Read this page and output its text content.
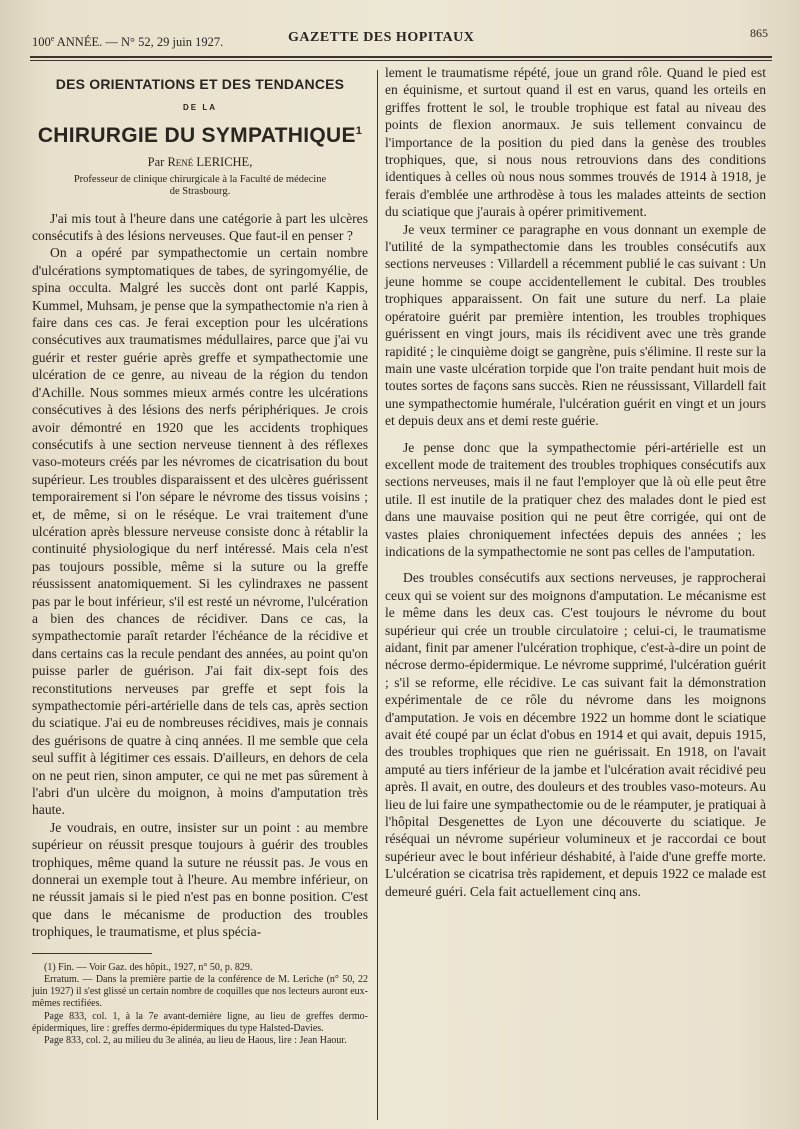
100e ANNÉE. — N° 52, 29 juin 1927.	GAZETTE DES HOPITAUX	865
DES ORIENTATIONS ET DES TENDANCES
DE LA
CHIRURGIE DU SYMPATHIQUE$^1$
Par René LERICHE,
Professeur de clinique chirurgicale à la Faculté de médecine
de Strasbourg.

J'ai mis tout à l'heure dans une catégorie à part les ulcères consécutifs à des lésions nerveuses. Que faut-il en penser ?

On a opéré par sympathectomie un certain nombre d'ulcérations symptomatiques de tabes, de syringomyélie, de spina occulta. Malgré les succès dont ont parlé Kappis, Kummel, Muhsam, je pense que la sympathectomie n'a rien à faire dans ces cas. Je ferai exception pour les ulcérations consécutives aux traumatismes médullaires, parce que j'ai vu guérir et rester guérie après greffe et sympathectomie une ulcération de ce genre, au niveau de la région du tendon d'Achille. Nous sommes mieux armés contre les ulcérations consécutives à des lésions des nerfs périphériques. Je crois avoir démontré en 1920 que les accidents trophiques consécutifs à une section nerveuse tiennent à des réflexes vaso-moteurs créés par les névromes de cicatrisation du bout supérieur. Les troubles disparaissent et des ulcères guérissent temporairement si l'on sépare le névrome des tissus voisins ; et, de même, si on le réséque. Le vrai traitement d'une ulcération après blessure nerveuse consiste donc à rétablir la continuité physiologique du nerf intéressé. Mais cela n'est pas toujours possible, même si la suture ou la greffe réussissent anatomiquement. Si les cylindraxes ne passent pas par le bout inférieur, s'il est resté un névrome, l'ulcération a bien des chances de récidiver. Dans ce cas, la sympathectomie paraît retarder l'échéance de la récidive et dans certains cas la recule pendant des années, au point qu'on puisse parler de guérison. J'ai fait dix-sept fois des reconstitutions nerveuses par greffe et sept fois la sympathectomie péri-artérielle dans de tels cas, après section du sciatique. J'ai eu de nombreuses récidives, mais je connais des guérisons de quatre à cinq années. Il me semble que cela seul suffit à légitimer ces essais. D'ailleurs, en dehors de cela on ne peut rien, sinon amputer, ce qui ne met pas sûrement à l'abri d'un ulcère du moignon, à moins d'amputation très haute.

Je voudrais, en outre, insister sur un point : au membre supérieur on réussit presque toujours à guérir des troubles trophiques, même quand la suture ne réussit pas. Je vous en donnerai un exemple tout à l'heure. Au membre inférieur, on ne réussit jamais si le pied n'est pas en bonne position. C'est que dans le mécanisme de production des troubles trophiques, le traumatisme, et plus spécia-

(1) Fin. — Voir Gaz. des hôpit., 1927, n° 50, p. 829.

Erratum. — Dans la première partie de la conférence de M. Leriche (n° 50, 22 juin 1927) il s'est glissé un certain nombre de coquilles que nos lecteurs auront eux-mêmes rectifiées.

Page 833, col. 1, à la 7e avant-dernière ligne, au lieu de greffes dermo-épidermiques, lire : greffes dermo-épidermiques du type Halsted-Davies.

Page 833, col. 2, au milieu du 3e alinéa, au lieu de Haous, lire : Jean Haour.

lement le traumatisme répété, joue un grand rôle. Quand le pied est en équinisme, et surtout quand il est en varus, quand les orteils en griffes frottent le sol, le trouble trophique est fatal au niveau des points de flexion anormaux. Je suis tellement convaincu de l'importance de la position du pied dans la genèse des troubles trophiques, que, si nous nous retrouvions dans des conditions identiques à celles où nous nous sommes trouvés de 1914 à 1918, je ferais d'emblée une arthrodèse à tous les malades atteints de section du sciatique que j'aurais à opérer primitivement.

Je veux terminer ce paragraphe en vous donnant un exemple de l'utilité de la sympathectomie dans les troubles consécutifs aux sections nerveuses : Villardell a récemment publié le cas suivant : Un jeune homme se coupe accidentellement le cubital. Des troubles trophiques apparaissent. On fait une suture du nerf. La plaie opératoire guérit par première intention, les troubles trophiques guérissent en vingt jours, mais ils récidivent avec une très grande rapidité ; le cinquième doigt se gangrène, puis s'élimine. Il reste sur la main une vaste ulcération torpide que l'on traite pendant huit mois de toutes sortes de façons sans succès. Rien ne réussissant, Villardell fait une sympathectomie humérale, l'ulcération guérit en vingt et un jours et depuis deux ans et demi reste guérie.

Je pense donc que la sympathectomie péri-artérielle est un excellent mode de traitement des troubles trophiques consécutifs aux sections nerveuses, mais il ne faut l'employer que là où elle peut être utile. Il est inutile de la pratiquer chez des malades dont le pied est dans une mauvaise position qui ne peut être corrigée, qui ont de vastes plaies chroniquement infectées depuis des années ; les indications de la sympathectomie ne sont pas celles de l'amputation.

Des troubles consécutifs aux sections nerveuses, je rapprocherai ceux qui se voient sur des moignons d'amputation. Le mécanisme est le même dans les deux cas. C'est toujours le névrome du bout supérieur qui crée un trouble circulatoire ; celui-ci, le traumatisme aidant, finit par amener l'ulcération trophique, c'est-à-dire un point de nécrose dermo-épidermique. Le névrome supprimé, l'ulcération guérit ; s'il se reforme, elle récidive. Le cas suivant fait la démonstration expérimentale de ce rôle du névrome dans les moignons d'amputation. Je vois en décembre 1922 un homme dont le sciatique avait été coupé par un éclat d'obus en 1914 et qui avait, depuis 1915, des troubles trophiques que rien ne guérissait. En 1918, on l'avait amputé au tiers inférieur de la jambe et l'ulcération avait récidivé peu après. Il avait, en outre, des douleurs et des troubles vaso-moteurs. Au lieu de lui faire une sympathectomie ou de le réamputer, je pratiquai à l'hôpital Desgenettes de Lyon une découverte du sciatique. Je réséquai un névrome supérieur volumineux et je raccordai ce bout supérieur avec le bout inférieur déshabité, à l'aide d'une greffe morte. L'ulcération se cicatrisa très rapidement, et depuis 1922 ce malade est demeuré guéri. Cela fait actuellement cinq ans.
